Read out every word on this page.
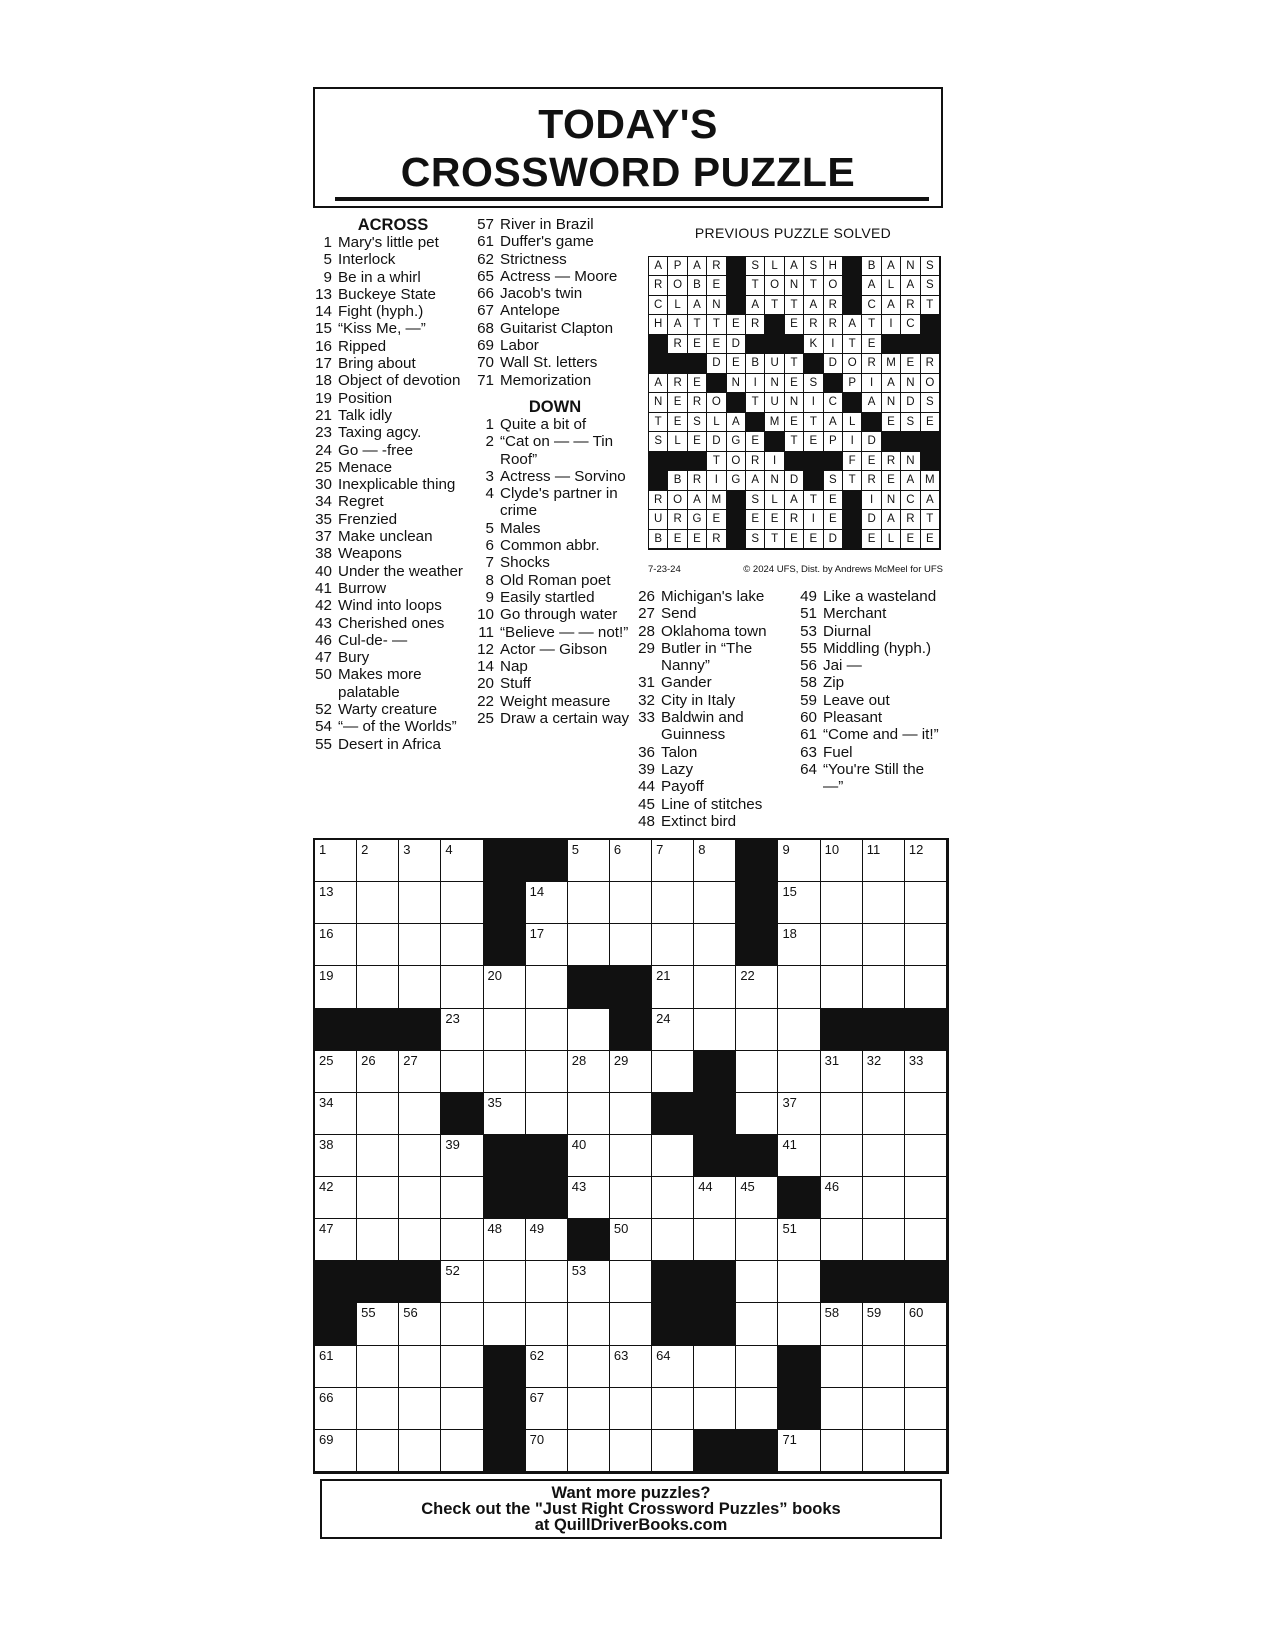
TODAY'S
CROSSWORD PUZZLE
ACROSS
1 Mary's little pet
5 Interlock
9 Be in a whirl
13 Buckeye State
14 Fight (hyph.)
15 “Kiss Me, —”
16 Ripped
17 Bring about
18 Object of devotion
19 Position
21 Talk idly
23 Taxing agcy.
24 Go — -free
25 Menace
30 Inexplicable thing
34 Regret
35 Frenzied
37 Make unclean
38 Weapons
40 Under the weather
41 Burrow
42 Wind into loops
43 Cherished ones
46 Cul-de- —
47 Bury
50 Makes more palatable
52 Warty creature
54 “— of the Worlds”
55 Desert in Africa
57 River in Brazil
61 Duffer's game
62 Strictness
65 Actress — Moore
66 Jacob's twin
67 Antelope
68 Guitarist Clapton
69 Labor
70 Wall St. letters
71 Memorization
DOWN
1 Quite a bit of
2 “Cat on — — Tin Roof”
3 Actress — Sorvino
4 Clyde's partner in crime
5 Males
6 Common abbr.
7 Shocks
8 Old Roman poet
9 Easily startled
10 Go through water
11 “Believe — — not!”
12 Actor — Gibson
14 Nap
20 Stuff
22 Weight measure
25 Draw a certain way
26 Michigan's lake
27 Send
28 Oklahoma town
29 Butler in “The Nanny”
31 Gander
32 City in Italy
33 Baldwin and Guinness
36 Talon
39 Lazy
44 Payoff
45 Line of stitches
48 Extinct bird
49 Like a wasteland
51 Merchant
53 Diurnal
55 Middling (hyph.)
56 Jai —
58 Zip
59 Leave out
60 Pleasant
61 “Come and — it!”
63 Fuel
64 “You're Still the —”
PREVIOUS PUZZLE SOLVED
A	P	A R	S	L	A	S H	B	A N S
R O B	E	T O N	T O	A	L	A	S
C	L	A N	A	T	T	A R	C A R	T
H A	T	T	E R	E R R A	T	I	C
R E	E D	K	I	T	E
D E	B U	T	D O R M E R
A R E	N	I	N E	S	P	I	A N O
N E R O	T	U N	I	C	A N D S
T	E	S	L	A	M E	T	A	L	E	S	E
S	L	E D G E	T	E	P	I	D
T O R	I	F	E R N
B R	I	G A N D	S	T	R E	A M
R O A M	S	L	A	T	E	I	N C A
U R G E	E	E R	I	E	D A R	T
B	E	E R	S	T	E	E D	E	L	E	E
7-23-24	© 2024 UFS, Dist. by Andrews McMeel for UFS
1	2	3	4	5	6	7	8	9	10 11 12
13	14	15
16	17	18
19	20	21	22
23	24
25 26 27	28 29	31 32 33
34	35	37
38	39	40	41
42	43	44 45	46
47	48 49	50	51
52	53
55 56	58 59 60
61	62	63 64
66	67
69	70	71
Want more puzzles?
Check out the "Just Right Crossword Puzzles” books
at QuillDriverBooks.com
